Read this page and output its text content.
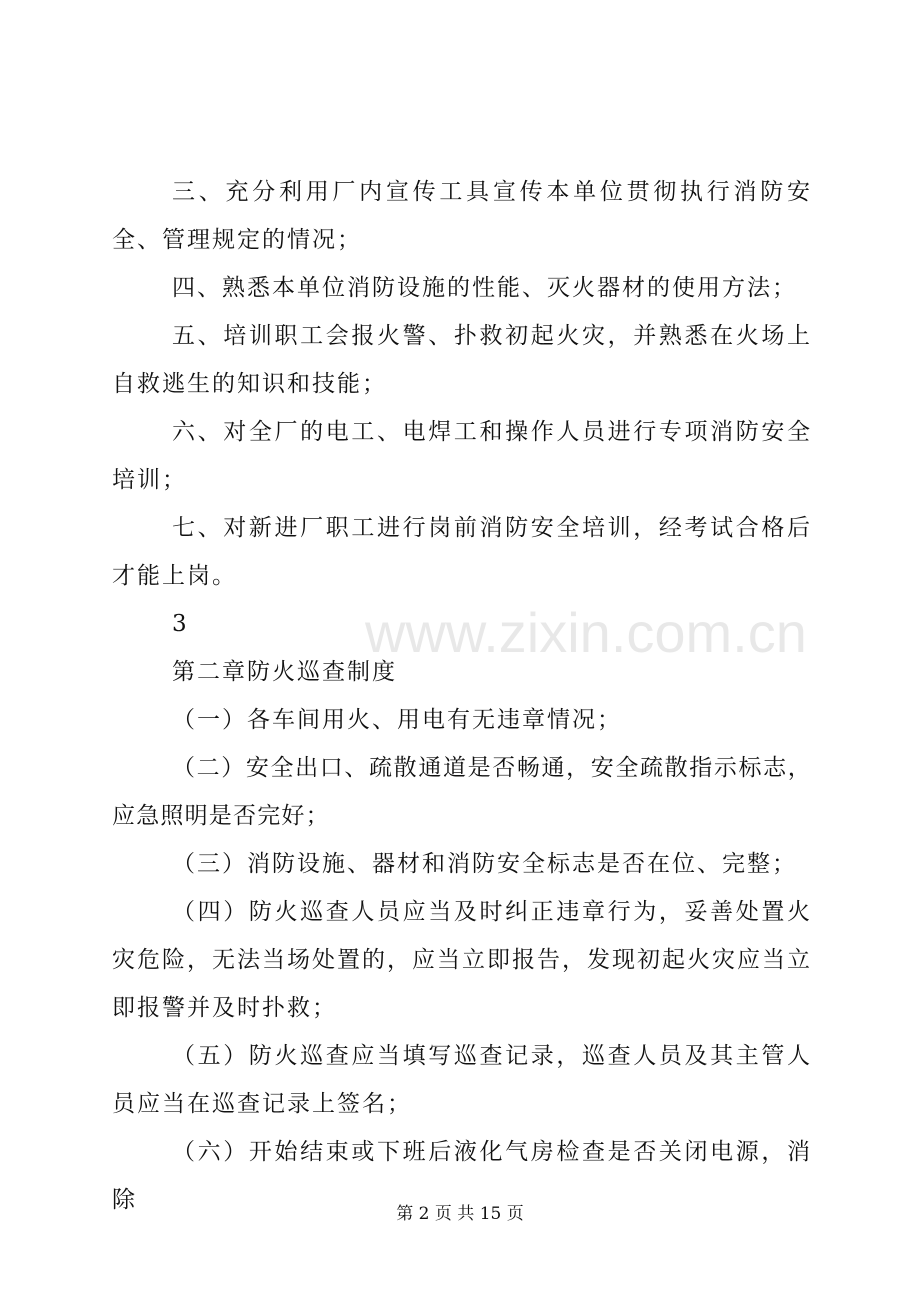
www.zixin.com.cn

三、充分利用厂内宣传工具宣传本单位贯彻执行消防安全、管理规定的情况；

四、熟悉本单位消防设施的性能、灭火器材的使用方法；

五、培训职工会报火警、扑救初起火灾，并熟悉在火场上自救逃生的知识和技能；

六、对全厂的电工、电焊工和操作人员进行专项消防安全培训；

七、对新进厂职工进行岗前消防安全培训，经考试合格后才能上岗。

3

第二章防火巡查制度

（一）各车间用火、用电有无违章情况；

（二）安全出口、疏散通道是否畅通，安全疏散指示标志，应急照明是否完好；

（三）消防设施、器材和消防安全标志是否在位、完整；

（四）防火巡查人员应当及时纠正违章行为，妥善处置火灾危险，无法当场处置的，应当立即报告，发现初起火灾应当立即报警并及时扑救；

（五）防火巡查应当填写巡查记录，巡查人员及其主管人员应当在巡查记录上签名；

（六）开始结束或下班后液化气房检查是否关闭电源，消除

第 2 页 共 15 页
